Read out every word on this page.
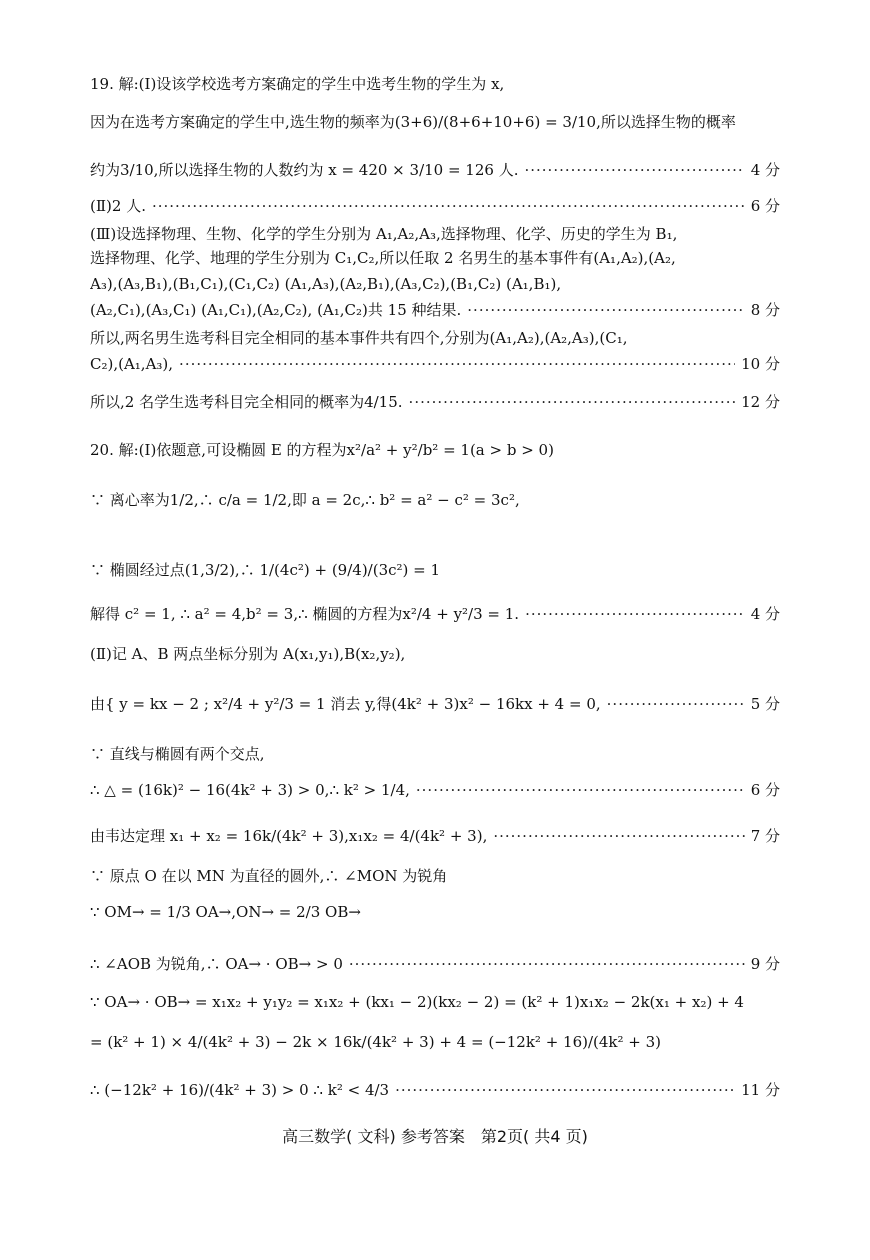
19. 解:(Ⅰ)设该学校选考方案确定的学生中选考生物的学生为 x,
因为在选考方案确定的学生中,选生物的频率为(3+6)/(8+6+10+6) = 3/10,所以选择生物的概率
约为3/10,所以选择生物的人数约为 x = 420 × 3/10 = 126 人. ·····	4 分
(Ⅱ)2 人. ·····	6 分
(Ⅲ)设选择物理、生物、化学的学生分别为 A₁,A₂,A₃,选择物理、化学、历史的学生为 B₁,
选择物理、化学、地理的学生分别为 C₁,C₂,所以任取 2 名男生的基本事件有(A₁,A₂),(A₂,
A₃),(A₃,B₁),(B₁,C₁),(C₁,C₂) (A₁,A₃),(A₂,B₁),(A₃,C₂),(B₁,C₂) (A₁,B₁),
(A₂,C₁),(A₃,C₁) (A₁,C₁),(A₂,C₂), (A₁,C₂)共 15 种结果. ·····	8 分
所以,两名男生选考科目完全相同的基本事件共有四个,分别为(A₁,A₂),(A₂,A₃),(C₁,
C₂),(A₁,A₃), ·····	10 分
所以,2 名学生选考科目完全相同的概率为4/15. ·····	12 分
20. 解:(Ⅰ)依题意,可设椭圆 E 的方程为x²/a² + y²/b² = 1(a > b > 0)
∵ 离心率为1/2,∴ c/a = 1/2,即 a = 2c,∴ b² = a² − c² = 3c²,
∵ 椭圆经过点(1,3/2),∴ 1/(4c²) + (9/4)/(3c²) = 1
解得 c² = 1, ∴ a² = 4,b² = 3,∴ 椭圆的方程为x²/4 + y²/3 = 1. ·····	4 分
(Ⅱ)记 A、B 两点坐标分别为 A(x₁,y₁),B(x₂,y₂),
由{ y = kx − 2 ; x²/4 + y²/3 = 1 消去 y,得(4k² + 3)x² − 16kx + 4 = 0, ·····	5 分
∵ 直线与椭圆有两个交点,
∴ △ = (16k)² − 16(4k² + 3) > 0,∴ k² > 1/4, ·····	6 分
由韦达定理 x₁ + x₂ = 16k/(4k² + 3),x₁x₂ = 4/(4k² + 3), ·····	7 分
∵ 原点 O 在以 MN 为直径的圆外,∴ ∠MON 为锐角
∵ OM→ = 1/3 OA→,ON→ = 2/3 OB→
∴ ∠AOB 为锐角,∴ OA→ · OB→ > 0 ·····	9 分
∵ OA→ · OB→ = x₁x₂ + y₁y₂ = x₁x₂ + (kx₁ − 2)(kx₂ − 2) = (k² + 1)x₁x₂ − 2k(x₁ + x₂) + 4
= (k² + 1) × 4/(4k² + 3) − 2k × 16k/(4k² + 3) + 4 = (−12k² + 16)/(4k² + 3)
∴ (−12k² + 16)/(4k² + 3) > 0 ∴ k² < 4/3 ·····	11 分
高三数学( 文科) 参考答案　第2页( 共4 页)
